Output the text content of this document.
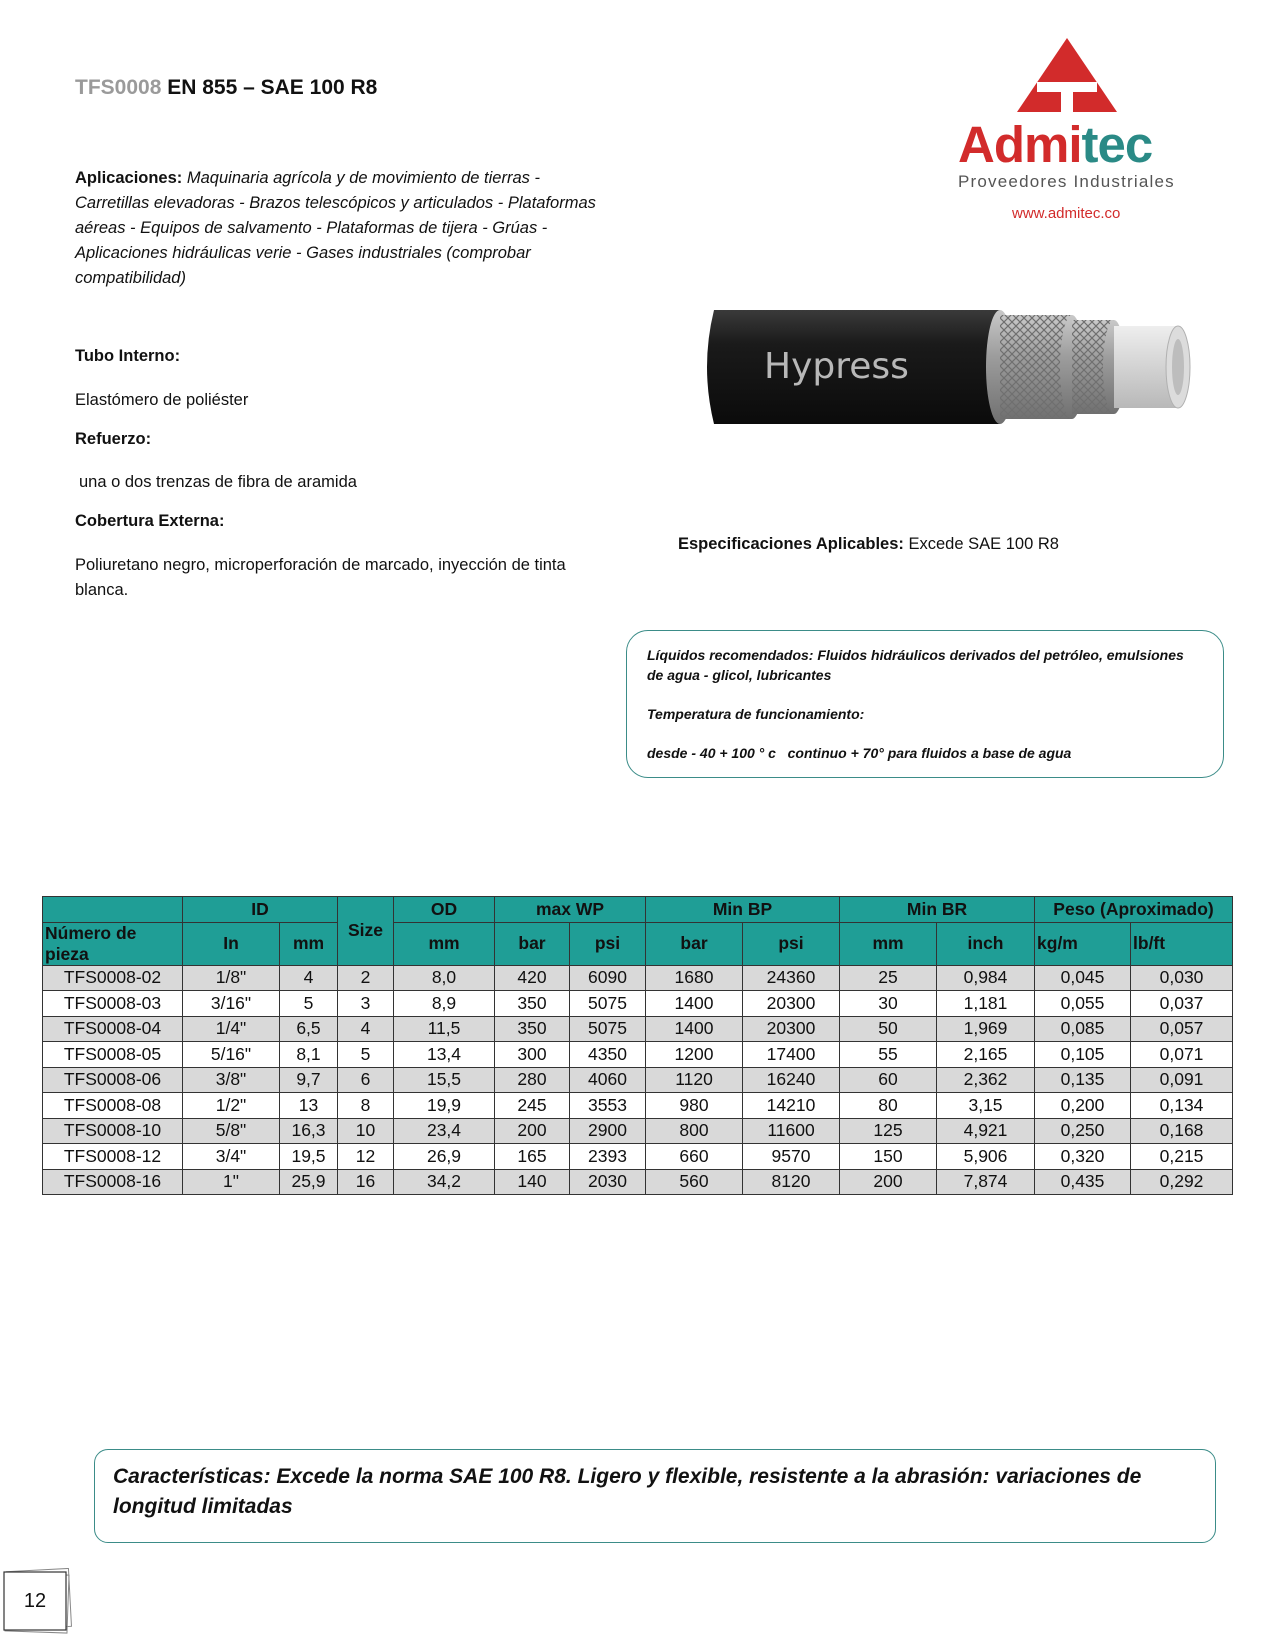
TFS0008 EN 855 – SAE 100 R8
Admitec
Proveedores Industriales
www.admitec.co
Aplicaciones: Maquinaria agrícola y de movimiento de tierras - Carretillas elevadoras - Brazos telescópicos y articulados - Plataformas aéreas - Equipos de salvamento - Plataformas de tijera - Grúas - Aplicaciones hidráulicas verie - Gases industriales (comprobar compatibilidad)
Tubo Interno:
Elastómero de poliéster
Refuerzo:
una o dos trenzas de fibra de aramida
Cobertura Externa:
Poliuretano negro, microperforación de marcado, inyección de tinta blanca.
Hypress
Especificaciones Aplicables: Excede SAE 100 R8

Líquidos recomendados: Fluidos hidráulicos derivados del petróleo, emulsiones de agua - glicol, lubricantes

Temperatura de funcionamiento:

desde - 40 + 100 ° c   continuo + 70° para fluidos a base de agua

	ID		Size	OD	max WP		Min BP		Min BR		Peso (Aproximado)	
Número de pieza	In	mm		mm	bar	psi	bar	psi	mm	inch	kg/m	lb/ft
TFS0008-02	1/8"	4	2	8,0	420	6090	1680	24360	25	0,984	0,045	0,030
TFS0008-03	3/16"	5	3	8,9	350	5075	1400	20300	30	1,181	0,055	0,037
TFS0008-04	1/4"	6,5	4	11,5	350	5075	1400	20300	50	1,969	0,085	0,057
TFS0008-05	5/16"	8,1	5	13,4	300	4350	1200	17400	55	2,165	0,105	0,071
TFS0008-06	3/8"	9,7	6	15,5	280	4060	1120	16240	60	2,362	0,135	0,091
TFS0008-08	1/2"	13	8	19,9	245	3553	980	14210	80	3,15	0,200	0,134
TFS0008-10	5/8"	16,3	10	23,4	200	2900	800	11600	125	4,921	0,250	0,168
TFS0008-12	3/4"	19,5	12	26,9	165	2393	660	9570	150	5,906	0,320	0,215
TFS0008-16	1"	25,9	16	34,2	140	2030	560	8120	200	7,874	0,435	0,292
Características: Excede la norma SAE 100 R8. Ligero y flexible, resistente a la abrasión: variaciones de longitud limitadas
12
